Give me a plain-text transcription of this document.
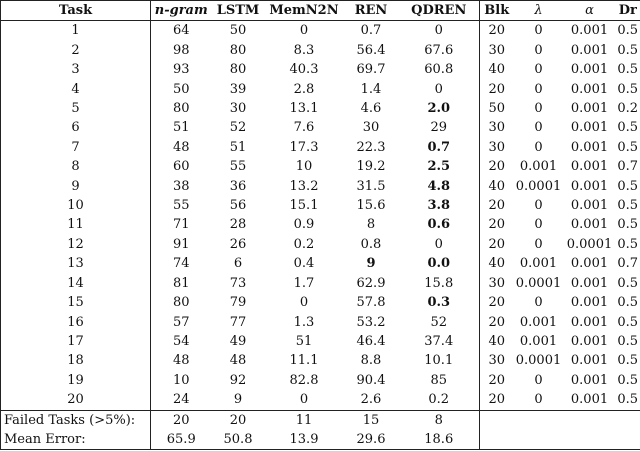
Task	n-gram	LSTM	MemN2N	REN	QDREN	Blk	λ	α	Dr
1	64	50	0	0.7	0	20	0	0.001	0.5
2	98	80	8.3	56.4	67.6	30	0	0.001	0.5
3	93	80	40.3	69.7	60.8	40	0	0.001	0.5
4	50	39	2.8	1.4	0	20	0	0.001	0.5
5	80	30	13.1	4.6	2.0	50	0	0.001	0.2
6	51	52	7.6	30	29	30	0	0.001	0.5
7	48	51	17.3	22.3	0.7	30	0	0.001	0.5
8	60	55	10	19.2	2.5	20	0.001	0.001	0.7
9	38	36	13.2	31.5	4.8	40	0.0001	0.001	0.5
10	55	56	15.1	15.6	3.8	20	0	0.001	0.5
11	71	28	0.9	8	0.6	20	0	0.001	0.5
12	91	26	0.2	0.8	0	20	0	0.0001	0.5
13	74	6	0.4	9	0.0	40	0.001	0.001	0.7
14	81	73	1.7	62.9	15.8	30	0.0001	0.001	0.5
15	80	79	0	57.8	0.3	20	0	0.001	0.5
16	57	77	1.3	53.2	52	20	0.001	0.001	0.5
17	54	49	51	46.4	37.4	40	0.001	0.001	0.5
18	48	48	11.1	8.8	10.1	30	0.0001	0.001	0.5
19	10	92	82.8	90.4	85	20	0	0.001	0.5
20	24	9	0	2.6	0.2	20	0	0.001	0.5
Failed Tasks (>5%):	20	20	11	15	8				
Mean Error:	65.9	50.8	13.9	29.6	18.6				
